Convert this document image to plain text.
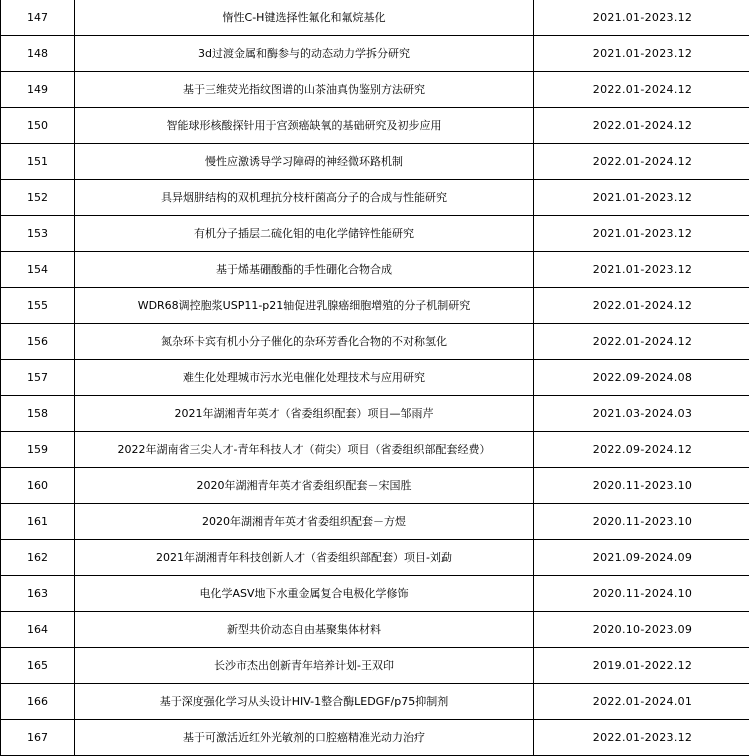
147	惰性C-H键选择性氟化和氟烷基化	2021.01-2023.12
148	3d过渡金属和酶参与的动态动力学拆分研究	2021.01-2023.12
149	基于三维荧光指纹图谱的山茶油真伪鉴别方法研究	2022.01-2024.12
150	智能球形核酸探针用于宫颈癌缺氧的基础研究及初步应用	2022.01-2024.12
151	慢性应激诱导学习障碍的神经微环路机制	2022.01-2024.12
152	具异烟肼结构的双机理抗分枝杆菌高分子的合成与性能研究	2021.01-2023.12
153	有机分子插层二硫化钼的电化学储锌性能研究	2021.01-2023.12
154	基于烯基硼酸酯的手性硼化合物合成	2021.01-2023.12
155	WDR68调控胞浆USP11-p21轴促进乳腺癌细胞增殖的分子机制研究	2022.01-2024.12
156	氮杂环卡宾有机小分子催化的杂环芳香化合物的不对称氢化	2022.01-2024.12
157	难生化处理城市污水光电催化处理技术与应用研究	2022.09-2024.08
158	2021年湖湘青年英才（省委组织配套）项目—邹雨芹	2021.03-2024.03
159	2022年湖南省三尖人才-青年科技人才（荷尖）项目（省委组织部配套经费）	2022.09-2024.12
160	2020年湖湘青年英才省委组织配套－宋国胜	2020.11-2023.10
161	2020年湖湘青年英才省委组织配套－方煜	2020.11-2023.10
162	2021年湖湘青年科技创新人才（省委组织部配套）项目-刘勐	2021.09-2024.09
163	电化学ASV地下水重金属复合电极化学修饰	2020.11-2024.10
164	新型共价动态自由基聚集体材料	2020.10-2023.09
165	长沙市杰出创新青年培养计划-王双印	2019.01-2022.12
166	基于深度强化学习从头设计HIV-1整合酶LEDGF/p75抑制剂	2022.01-2024.01
167	基于可激活近红外光敏剂的口腔癌精准光动力治疗	2022.01-2023.12
